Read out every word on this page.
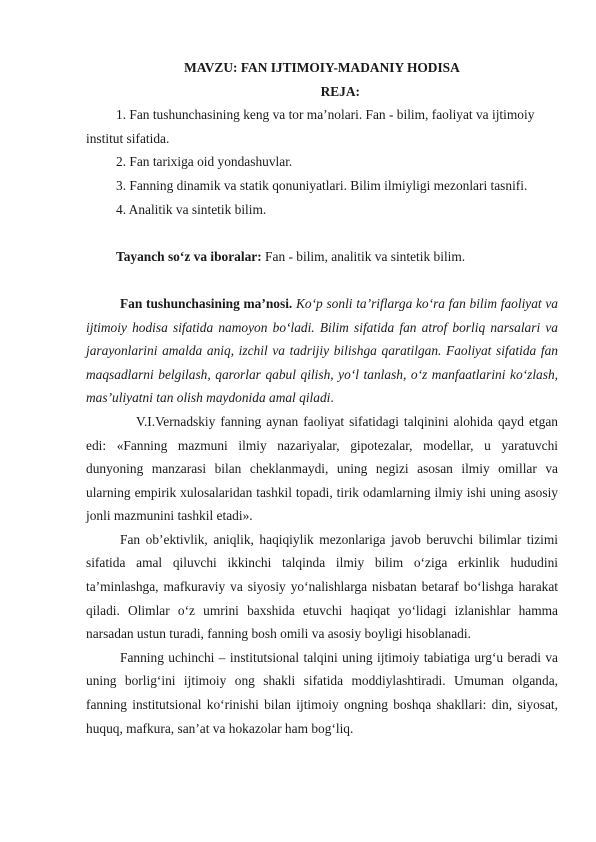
MAVZU: FAN IJTIMOIY-MADANIY HODISA

REJA:

1. Fan tushunchasining keng va tor ma’nolari. Fan - bilim, faoliyat va ijtimoiy institut sifatida.

2. Fan tarixiga oid yondashuvlar.

3. Fanning dinamik va statik qonuniyatlari. Bilim ilmiyligi mezonlari tasnifi.

4. Analitik va sintetik bilim.

Tayanch so‘z va iboralar: Fan - bilim, analitik va sintetik bilim.

Fan tushunchasining ma’nosi. Ko‘p sonli ta’riflarga ko‘ra fan bilim faoliyat va ijtimoiy hodisa sifatida namoyon bo‘ladi. Bilim sifatida fan atrof borliq narsalari va jarayonlarini amalda aniq, izchil va tadrijiy bilishga qaratilgan. Faoliyat sifatida fan maqsadlarni belgilash, qarorlar qabul qilish, yo‘l tanlash, o‘z manfaatlarini ko‘zlash, mas’uliyatni tan olish maydonida amal qiladi.

V.I.Vernadskiy fanning aynan faoliyat sifatidagi talqinini alohida qayd etgan edi: «Fanning mazmuni ilmiy nazariyalar, gipotezalar, modellar, u yaratuvchi dunyoning manzarasi bilan cheklanmaydi, uning negizi asosan ilmiy omillar va ularning empirik xulosalaridan tashkil topadi, tirik odamlarning ilmiy ishi uning asosiy jonli mazmunini tashkil etadi».

Fan ob’ektivlik, aniqlik, haqiqiylik mezonlariga javob beruvchi bilimlar tizimi sifatida amal qiluvchi ikkinchi talqinda ilmiy bilim o‘ziga erkinlik hududini ta’minlashga, mafkuraviy va siyosiy yo‘nalishlarga nisbatan betaraf bo‘lishga harakat qiladi. Olimlar o‘z umrini baxshida etuvchi haqiqat yo‘lidagi izlanishlar hamma narsadan ustun turadi, fanning bosh omili va asosiy boyligi hisoblanadi.

Fanning uchinchi – institutsional talqini uning ijtimoiy tabiatiga urg‘u beradi va uning borlig‘ini ijtimoiy ong shakli sifatida moddiylashtiradi. Umuman olganda, fanning institutsional ko‘rinishi bilan ijtimoiy ongning boshqa shakllari: din, siyosat, huquq, mafkura, san’at va hokazolar ham bog‘liq.
